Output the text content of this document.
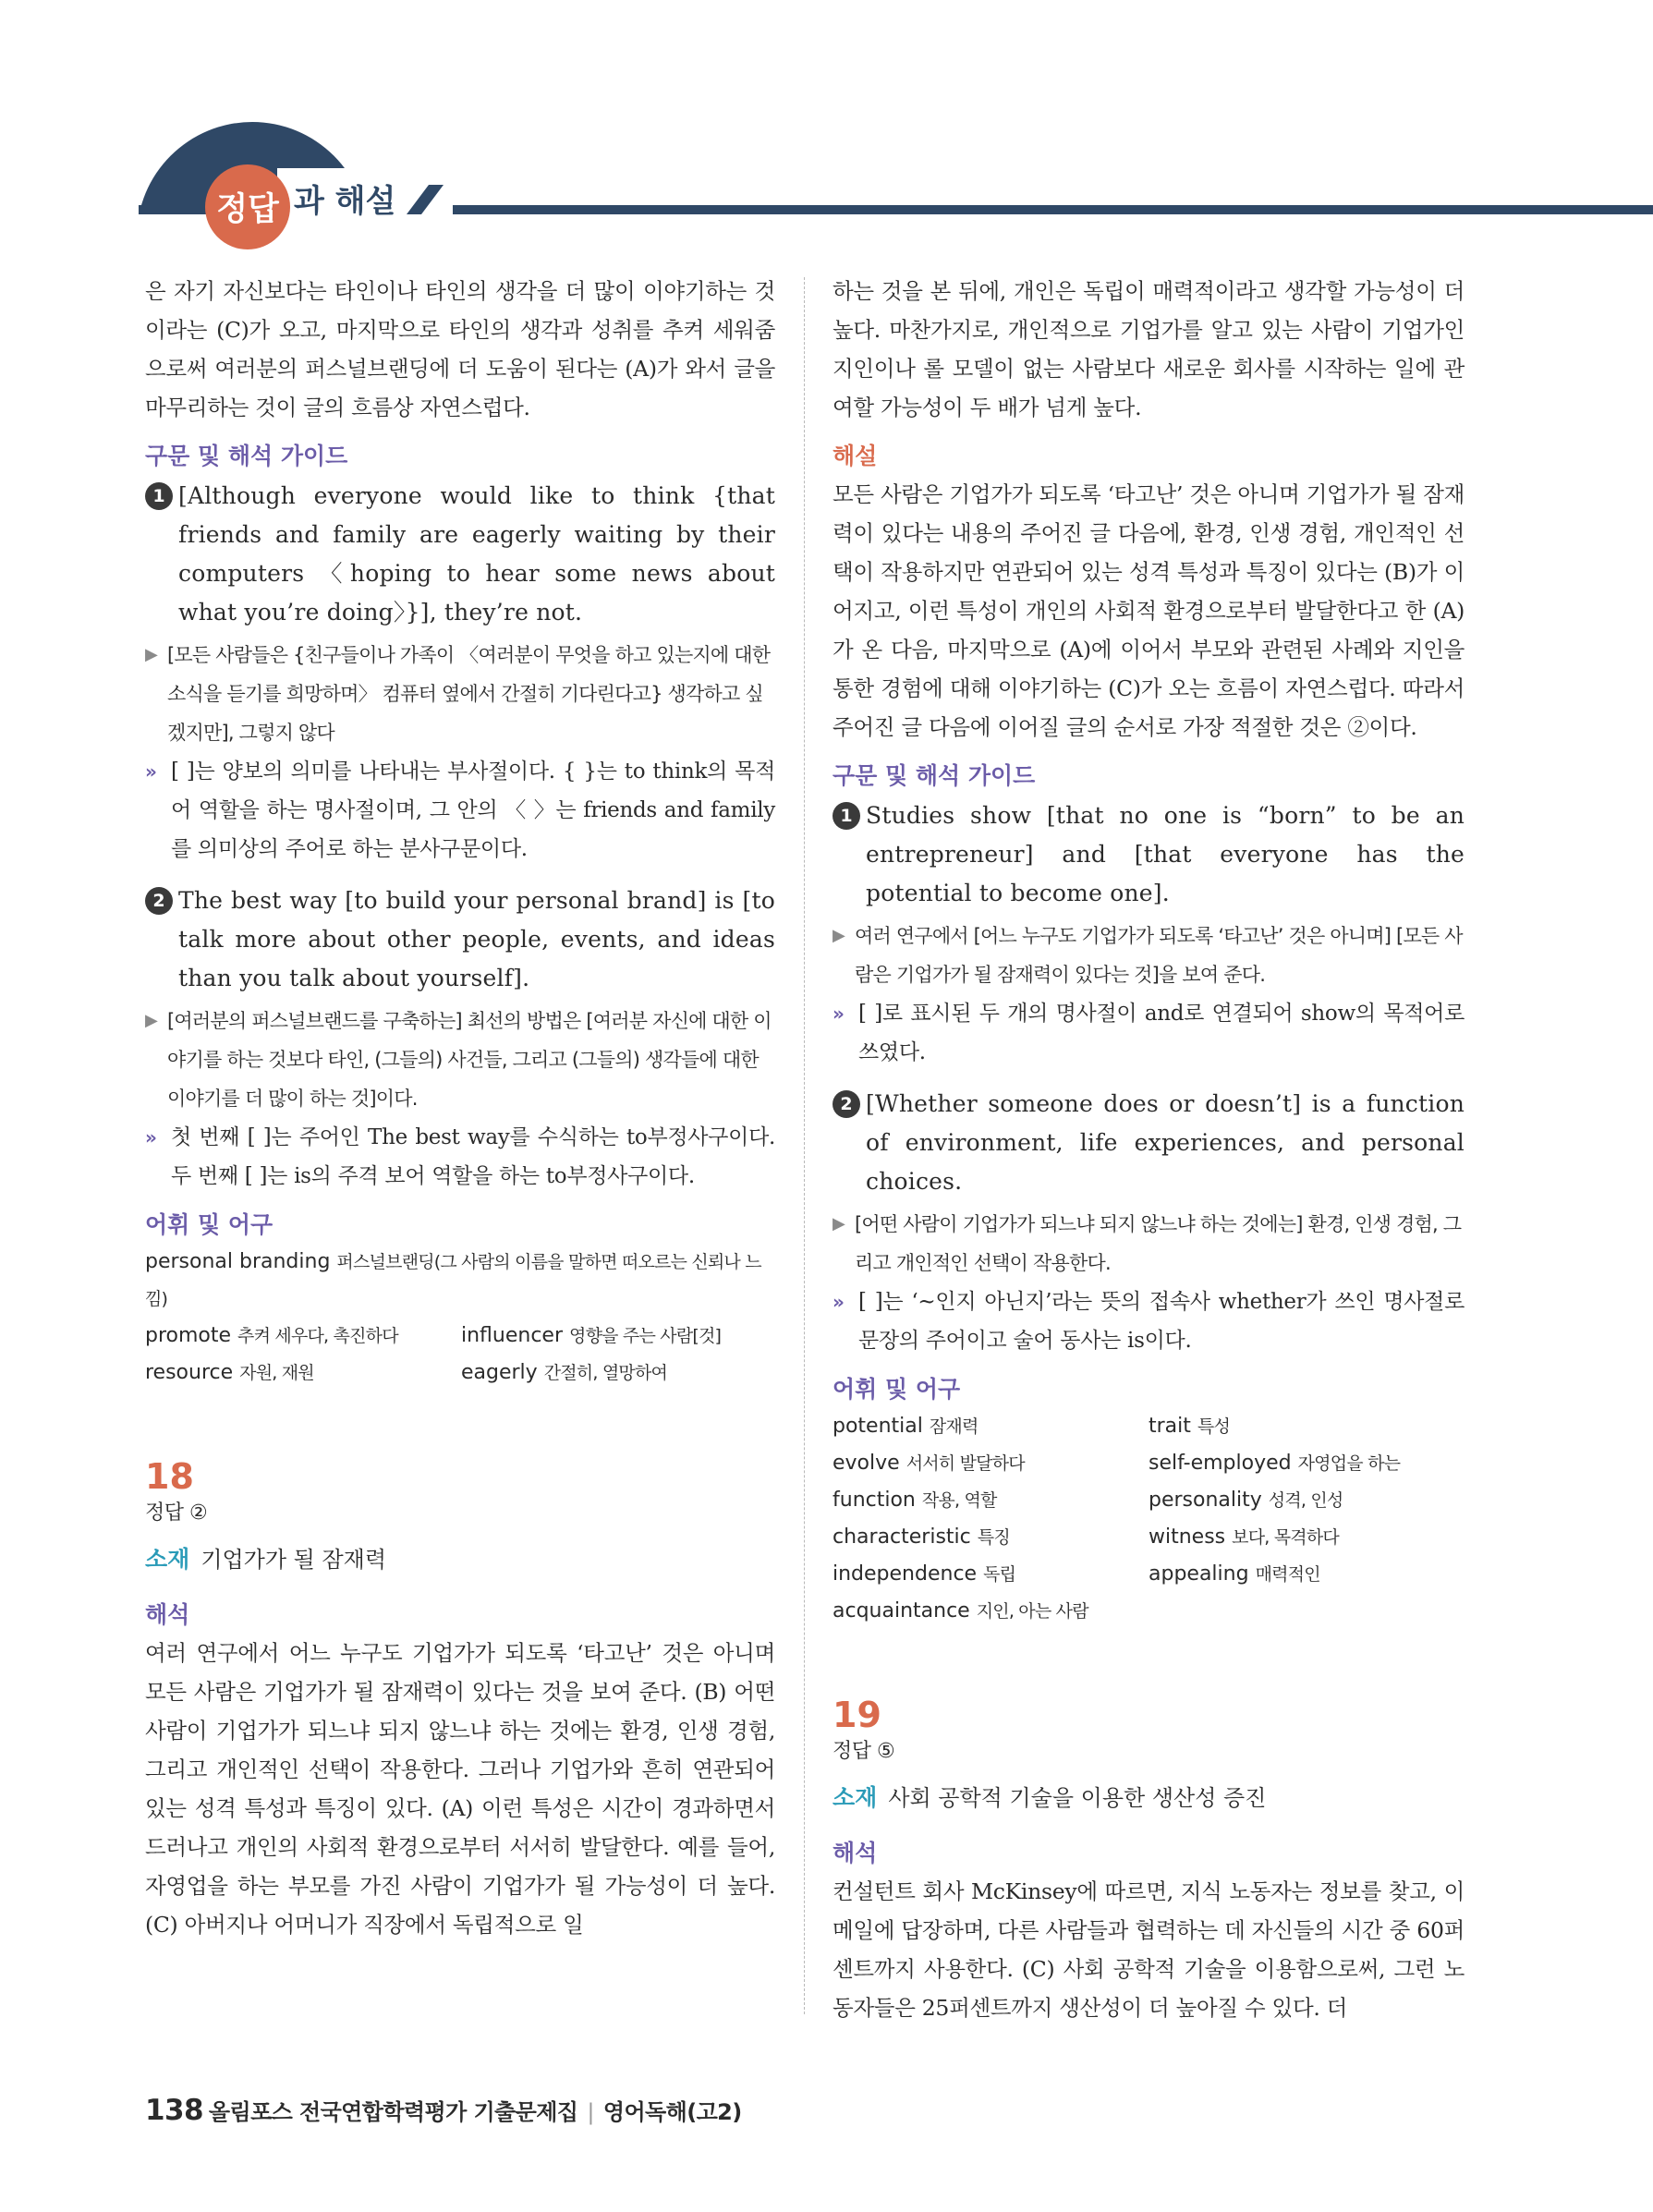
정답 과 해설

은 자기 자신보다는 타인이나 타인의 생각을 더 많이 이야기하는 것이라는 (C)가 오고, 마지막으로 타인의 생각과 성취를 추켜 세워줌으로써 여러분의 퍼스널브랜딩에 더 도움이 된다는 (A)가 와서 글을 마무리하는 것이 글의 흐름상 자연스럽다.

구문 및 해석 가이드
1 [Although everyone would like to think {that friends and family are eagerly waiting by their computers 〈hoping to hear some news about what you’re doing〉}], they’re not.
▶ [모든 사람들은 {친구들이나 가족이 〈여러분이 무엇을 하고 있는지에 대한 소식을 듣기를 희망하며〉 컴퓨터 옆에서 간절히 기다린다고} 생각하고 싶겠지만], 그렇지 않다
» [ ]는 양보의 의미를 나타내는 부사절이다. { }는 to think의 목적어 역할을 하는 명사절이며, 그 안의 〈 〉는 friends and family를 의미상의 주어로 하는 분사구문이다.
2 The best way [to build your personal brand] is [to talk more about other people, events, and ideas than you talk about yourself].
▶ [여러분의 퍼스널브랜드를 구축하는] 최선의 방법은 [여러분 자신에 대한 이야기를 하는 것보다 타인, (그들의) 사건들, 그리고 (그들의) 생각들에 대한 이야기를 더 많이 하는 것]이다.
» 첫 번째 [ ]는 주어인 The best way를 수식하는 to부정사구이다. 두 번째 [ ]는 is의 주격 보어 역할을 하는 to부정사구이다.
어휘 및 어구
personal branding 퍼스널브랜딩(그 사람의 이름을 말하면 떠오르는 신뢰나 느낌)
promote 추켜 세우다, 촉진하다	influencer 영향을 주는 사람[것]
resource 자원, 재원	eagerly 간절히, 열망하여
18
정답 ②
소재 기업가가 될 잠재력
해석

여러 연구에서 어느 누구도 기업가가 되도록 ‘타고난’ 것은 아니며 모든 사람은 기업가가 될 잠재력이 있다는 것을 보여 준다. (B) 어떤 사람이 기업가가 되느냐 되지 않느냐 하는 것에는 환경, 인생 경험, 그리고 개인적인 선택이 작용한다. 그러나 기업가와 흔히 연관되어 있는 성격 특성과 특징이 있다. (A) 이런 특성은 시간이 경과하면서 드러나고 개인의 사회적 환경으로부터 서서히 발달한다. 예를 들어, 자영업을 하는 부모를 가진 사람이 기업가가 될 가능성이 더 높다. (C) 아버지나 어머니가 직장에서 독립적으로 일

하는 것을 본 뒤에, 개인은 독립이 매력적이라고 생각할 가능성이 더 높다. 마찬가지로, 개인적으로 기업가를 알고 있는 사람이 기업가인 지인이나 롤 모델이 없는 사람보다 새로운 회사를 시작하는 일에 관여할 가능성이 두 배가 넘게 높다.

해설

모든 사람은 기업가가 되도록 ‘타고난’ 것은 아니며 기업가가 될 잠재력이 있다는 내용의 주어진 글 다음에, 환경, 인생 경험, 개인적인 선택이 작용하지만 연관되어 있는 성격 특성과 특징이 있다는 (B)가 이어지고, 이런 특성이 개인의 사회적 환경으로부터 발달한다고 한 (A)가 온 다음, 마지막으로 (A)에 이어서 부모와 관련된 사례와 지인을 통한 경험에 대해 이야기하는 (C)가 오는 흐름이 자연스럽다. 따라서 주어진 글 다음에 이어질 글의 순서로 가장 적절한 것은 ②이다.

구문 및 해석 가이드
1 Studies show [that no one is “born” to be an entrepreneur] and [that everyone has the potential to become one].
▶ 여러 연구에서 [어느 누구도 기업가가 되도록 ‘타고난’ 것은 아니며] [모든 사람은 기업가가 될 잠재력이 있다는 것]을 보여 준다.
» [ ]로 표시된 두 개의 명사절이 and로 연결되어 show의 목적어로 쓰였다.
2 [Whether someone does or doesn’t] is a function of environment, life experiences, and personal choices.
▶ [어떤 사람이 기업가가 되느냐 되지 않느냐 하는 것에는] 환경, 인생 경험, 그리고 개인적인 선택이 작용한다.
» [ ]는 ‘~인지 아닌지’라는 뜻의 접속사 whether가 쓰인 명사절로 문장의 주어이고 술어 동사는 is이다.
어휘 및 어구
potential 잠재력	trait 특성
evolve 서서히 발달하다	self-employed 자영업을 하는
function 작용, 역할	personality 성격, 인성
characteristic 특징	witness 보다, 목격하다
independence 독립	appealing 매력적인
acquaintance 지인, 아는 사람
19
정답 ⑤
소재 사회 공학적 기술을 이용한 생산성 증진
해석

컨설턴트 회사 McKinsey에 따르면, 지식 노동자는 정보를 찾고, 이메일에 답장하며, 다른 사람들과 협력하는 데 자신들의 시간 중 60퍼센트까지 사용한다. (C) 사회 공학적 기술을 이용함으로써, 그런 노동자들은 25퍼센트까지 생산성이 더 높아질 수 있다. 더

138 올림포스 전국연합학력평가 기출문제집 | 영어독해(고2)
